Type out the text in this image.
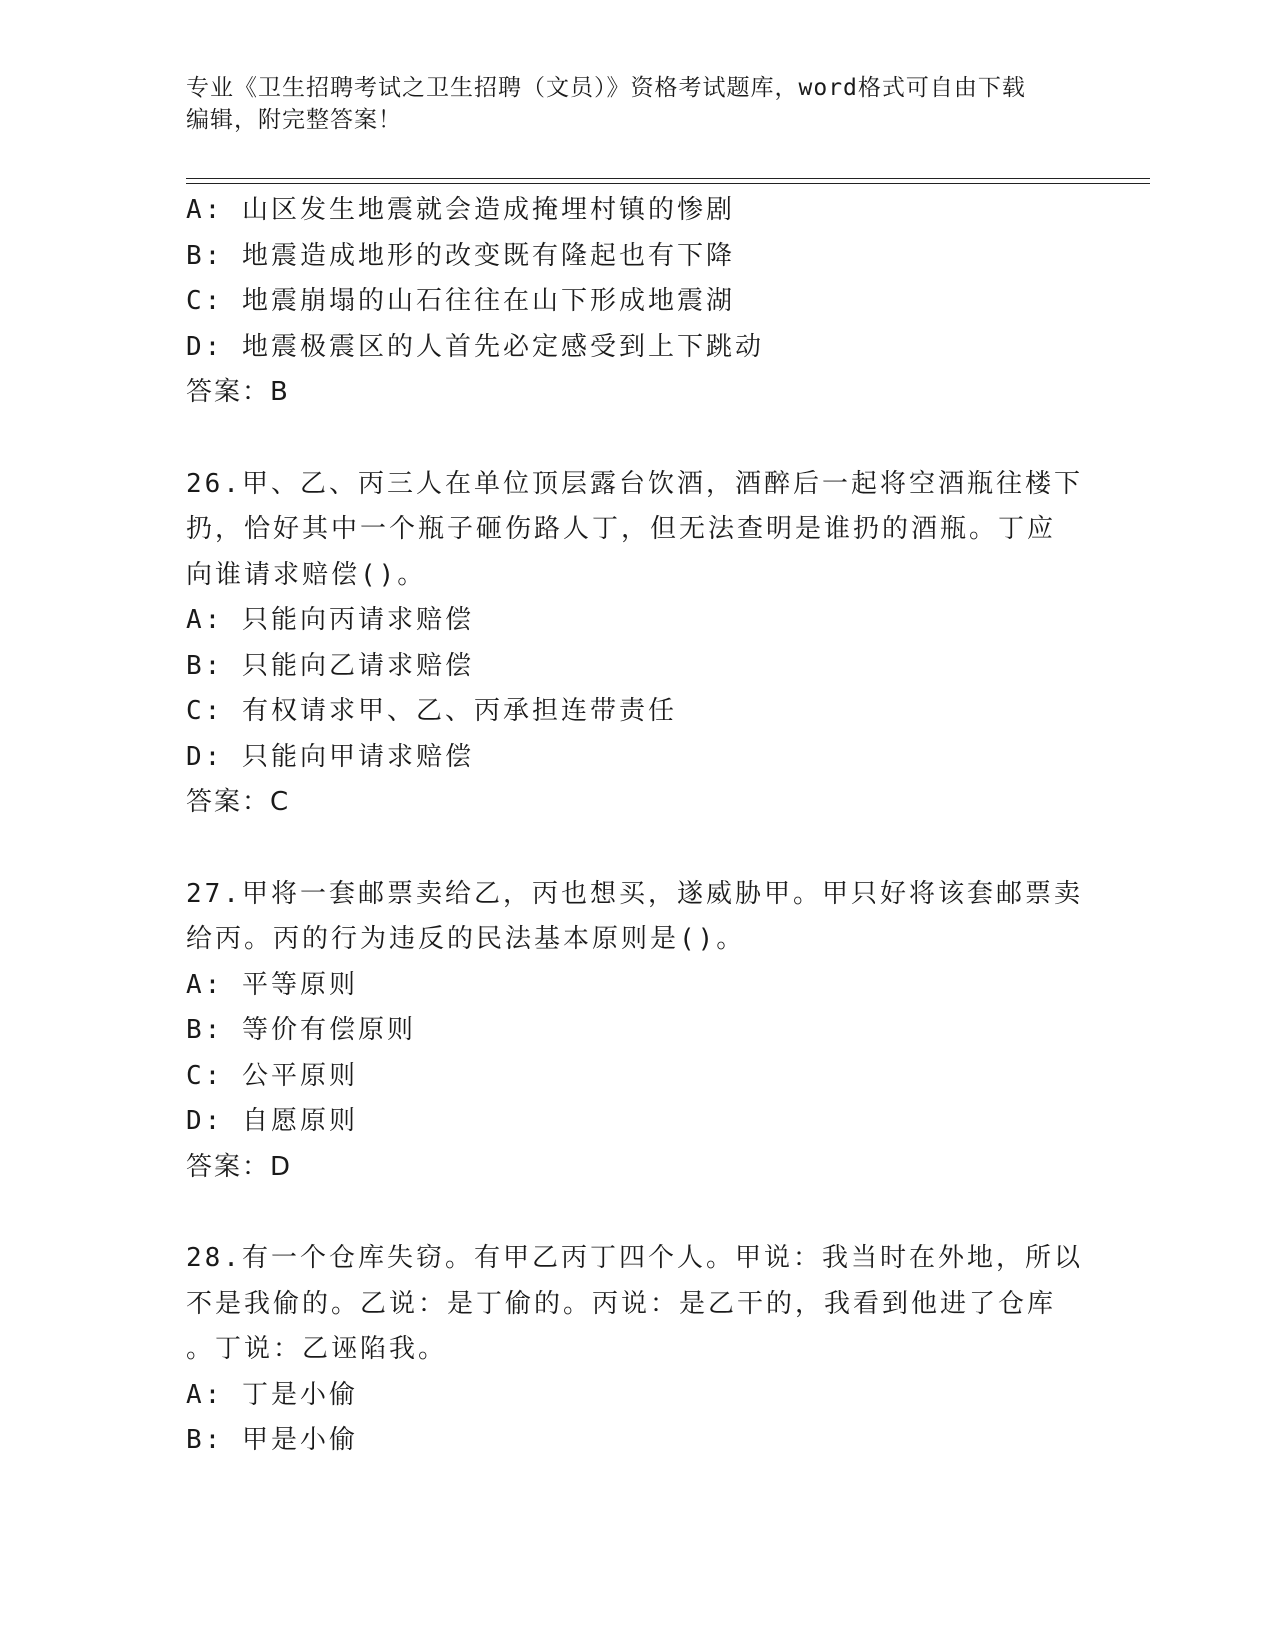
专业《卫生招聘考试之卫生招聘（文员）》资格考试题库，word格式可自由下载
编辑，附完整答案！
A: 山区发生地震就会造成掩埋村镇的惨剧
B: 地震造成地形的改变既有隆起也有下降
C: 地震崩塌的山石往往在山下形成地震湖
D: 地震极震区的人首先必定感受到上下跳动
答案：B
26.甲、乙、丙三人在单位顶层露台饮酒，酒醉后一起将空酒瓶往楼下
扔，恰好其中一个瓶子砸伤路人丁，但无法查明是谁扔的酒瓶。丁应
向谁请求赔偿()。
A: 只能向丙请求赔偿
B: 只能向乙请求赔偿
C: 有权请求甲、乙、丙承担连带责任
D: 只能向甲请求赔偿
答案：C
27.甲将一套邮票卖给乙，丙也想买，遂威胁甲。甲只好将该套邮票卖
给丙。丙的行为违反的民法基本原则是()。
A: 平等原则
B: 等价有偿原则
C: 公平原则
D: 自愿原则
答案：D
28.有一个仓库失窃。有甲乙丙丁四个人。甲说：我当时在外地，所以
不是我偷的。乙说：是丁偷的。丙说：是乙干的，我看到他进了仓库
。丁说：乙诬陷我。
A: 丁是小偷
B: 甲是小偷
